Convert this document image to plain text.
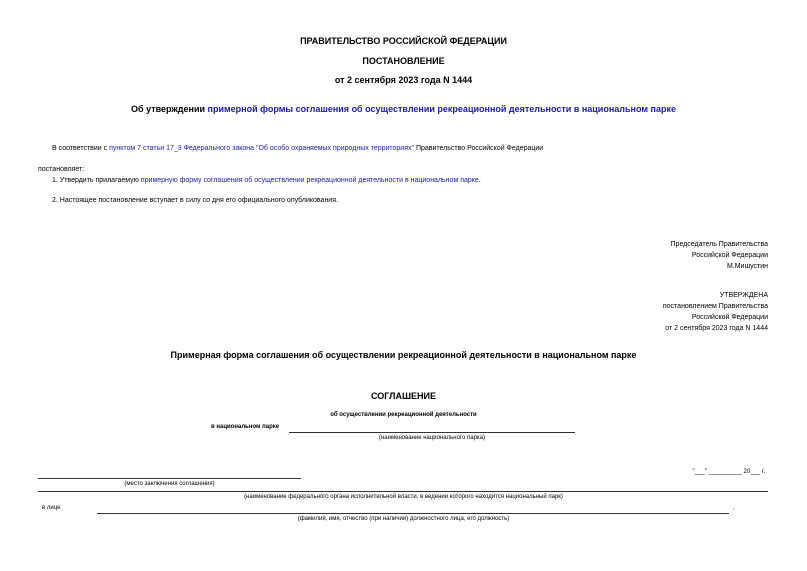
ПРАВИТЕЛЬСТВО РОССИЙСКОЙ ФЕДЕРАЦИИ
ПОСТАНОВЛЕНИЕ
от 2 сентября 2023 года N 1444
Об утверждении примерной формы соглашения об осуществлении рекреационной деятельности в национальном парке
В соответствии с пунктом 7 статьи 17_3 Федерального закона "Об особо охраняемых природных территориях" Правительство Российской Федерации
постановляет:
1. Утвердить прилагаемую примерную форму соглашения об осуществлении рекреационной деятельности в национальном парке.
2. Настоящее постановление вступает в силу со дня его официального опубликования.
Председатель Правительства
Российской Федерации
М.Мишустин
УТВЕРЖДЕНА
постановлением Правительства
Российской Федерации
от 2 сентября 2023 года N 1444
Примерная форма соглашения об осуществлении рекреационной деятельности в национальном парке
СОГЛАШЕНИЕ
об осуществлении рекреационной деятельности
в национальном парке
(наименование национального парка)
"___" __________ 20___ г.
(место заключения соглашения)
(наименование федерального органа исполнительной власти, в ведении которого находится национальный парк)
в лице	,
(фамилия, имя, отчество (при наличии) должностного лица, его должность)
